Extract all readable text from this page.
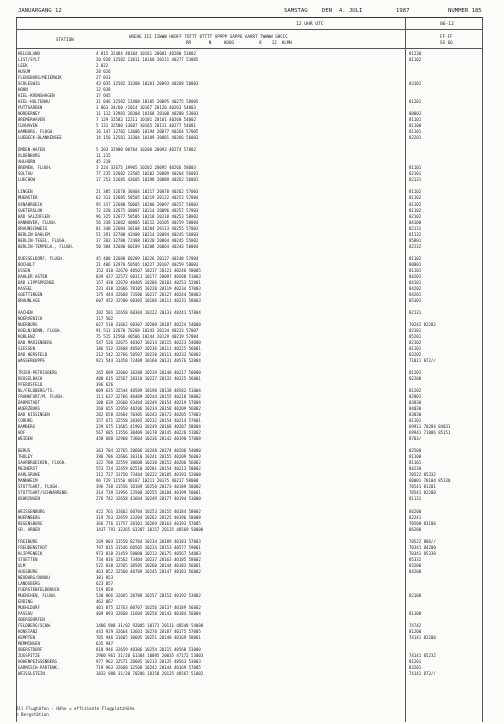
JANUARGANG 12	SAMSTAG	DEN  4. JULI	1987	NUMMER 185
12 UHR UTC	06-12
STATION
WOEHE III IIWWW HOOFF TDTTT DTTTT VPPPP SAPP6 AARRT TWWWW SHCCC
RR       N     HOOO          8    12  HLMH
FF-FF
SS 66
HELGOLAND	4 015 32484 40104 10161 20081 40280 53002	81230
LIST/SYLT	20 020 32582 13011 10160 20111 40277 53005	81102
LEEK	2 022
HUSUM	28 026
FLENSBURG/MEIERWIK	27 033
SCHLESWIG	43 035 32582 33308 10201 20093 40268 58003	83101
HOHN	12 038
KIEL-KRONSHAGEN	17 045
KIEL-HOLTENAU	31 046 32582 13408 10185 20095 40275 58005	81201
PUTTGARDEN	3 063 34/60 /2014 10167 20120 40263 54003
NORDERNEY	11 112 32981 20308 10168 20100 40280 53003	80002
BREMERHAVEN	7 129 32582 12211 10181 20101 40268 54002	81101
CUXHAVEN	5 131 32580 13607 10165 20111 40277 54001	81100
HAMBURG, FLUGH.	16 147 32782 13606 10194 20077 40264 57005	81101
LUEBECK-BLANKENSEE	14 156 32581 33304 10189 20081 40266 56003	82201
EMDEN-HAFEN	5 203 32980 00704 10200 20093 40274 57002
OLDENBURG	11 215
AHLHORN	45 218
BREMEN, FLUGH.	3 224 32675 19905 10202 20095 40266 58003	81101
SOLTAU	77 235 32682 23505 10202 20089 40264 56003	82101
LUECHOW	17 253 32685 43605 10198 20089 40262 56001	82131
LINGEN	21 305 32670 30404 10217 20078 40262 57003	81102
MUENSTER	62 313 32685 50505 10219 20122 40253 57004	81102
OSNABRUECK	95 317 32680 50605 10206 20097 40257 56003	81102
GUETERSLOH	72 320 32675 30007 10214 20096 40257 57003	81102
BAD SALZUFLEN	96 325 32677 50505 10218 20110 40253 58002	82102
HANNOVER, FLUGH.	56 338 32682 40805 10212 20105 40259 58004	84100
BRAUNSCHWEIG	81 348 32684 30108 10204 20113 40255 57003	82131
BERLIN-DAHLEM	51 391 32780 43408 10214 20094 40245 56003	81132
BERLIN-TEGEL, FLUGH.	37 382 32780 72408 10220 20064 40245 55002	85801
BERLIN-TEMPELH., FLUGH.	50 384 32680 60109 10208 20064 40243 58004	82232
DUESSELDORF, FLUGH.	45 400 32680 60209 10226 20127 40248 57004	81102
BOCHOLT	21 406 32970 50505 10227 20107 40259 58003	80001
ESSEN	152 410 32670 40507 10217 20121 40246 58005	81101
KAHLER ASTEN	839 427 32572 60311 10177 20097 40588 51003	84201
BAD LIPPSPRINGE	157 430 32670 40405 10206 20103 40253 52001	84101
KASSEL	231 438 32666 70105 10220 20119 40234 57003	84202
GOETTINGEN	175 444 32668 73506 10217 20127 40244 58003	84201
BRAUNLAGE	607 452 32580 60305 10186 20111 40231 58003	85301
AACHEN	202 501 32658 60304 10222 20133 40241 57004	82131
NOERVENICH	117 502
NUERBURG	627 510 31662 60307 10200 20107 40224 54000	70242 82202
KOELN/BONN, FLUGH.	91 513 32670 70208 10243 20134 40233 57007	83101
KOBLENZ	75 515 32566 40506 10244 20129 40219 57004	85201
BAD MARIENBERG	547 526 32675 40307 10214 20115 40223 54000	82102
GIESSEN	186 532 32668 40507 10236 20111 40225 56001	81101
BAD HERSFELD	212 542 32766 50507 10230 20111 40233 56002	83202
WASSERKUPPE	921 544 31450 72409 10160 20131 40576 52004	71011 872//
TRIER-PETRISBERG	265 609 32660 10208 10239 20140 40217 50000	81201
DEUSELBACH	480 615 32567 20310 10227 20132 40225 56001	82200
PFERDSFELD	396 626
NL/FELDBERG/TS.	809 635 32544 40509 10198 20138 48582 51004	81202
FRANKFURT/M, FLUGH.	111 637 32766 40409 10244 20155 40218 58002	82801
DARMSTADT	108 639 32660 63404 10249 20154 40219 57004	83830
WUERZBURG	268 655 32958 40206 10234 20158 40209 56002	84030
BAD KISSINGEN	282 658 32664 70305 10243 20172 40205 57003	83030
COBURG	357 671 32558 20305 10232 20154 40214 57001	81101
BAMBERG	239 675 11665 41903 10249 20168 40207 58004	69911 70284 84831
HOF	567 685 11556 30409 10178 20145 40226 51002	69941 71086 85151
WEIDEN	438 688 32960 73604 10236 20142 40198 57008	8703/
BERUS	363 704 32765 20606 10248 20174 40206 54000	82500
THOLEY	396 706 32666 10310 10241 20155 40209 56003	81100
SAARBRUECKEN, FLUGH.	322 708 32559 30608 10230 20152 40206 56002	81101
MEINERST	553 724 32459 02510 10201 20154 40213 50002	84230
KARLSRUHE	112 727 31750 73404 10222 20185 40193 52000	70522 85332
MANNHEIM	96 729 11556 40107 10211 20175 40217 50000	60001 70184 85130
STUTTGART, FLUGH.	396 738 31556 10109 10250 20173 40189 58002	70541 81201
STUTTGART/SCHNARRENB.	314 739 31956 23508 10255 20184 40199 50001	70541 82200
OEHRINGEN	276 742 32658 43604 10249 20177 40194 53000	81131
WEISSENBURG	422 761 32662 60704 10253 20155 40184 58002	84200
NUERNBERG	319 763 32659 33204 10262 20125 40196 58008	82241
REGENSBURG	366 776 31757 20101 10269 20163 40193 57005	70500 83100
GR. ARBER	1437 791 32365 63207 10157 20135 40569 50000	86200
FREIBURG	269 803 31550 82704 10234 20189 40183 57003	70522 886//
FREUDENSTADT	797 815 31546 60505 10234 20153 40577 59001	70341 84200
KLIPPENECK	973 818 31459 50000 10213 20175 40567 54003	70341 85330
STOETTEN	734 836 32562 73404 10237 20163 40185 58002	85332
ULM	522 838 32565 30505 10260 20144 40183 56001	83200
AUGSBURG	461 852 32560 40709 10245 20147 40183 56002	84200
NEUBURG/DONAU	381 853
LANDSBERG	623 857
FUERSTENFELDBRUCK	519 858
MUENCHEN, FLUGH.	530 866 32665 20708 10257 20152 40192 53002	82100
ERDING	462 867
MUEHLDORF	401 875 32763 00707 10256 20137 40189 56002
PASSAU	409 893 32668 11604 10258 20143 40184 56004	81100
OBERSDORFEN
FELDBERG/SCHW.	1486 908 31/02 92005 10171 20111 48548 54000	74742
KONSTANZ	443 929 32664 13601 10278 20187 40175 57005	81200
KEMPTEN	705 946 31665 30605 10251 20140 40169 58001	74141 82200
MEMMINGEN	635 947
OBERSTDORF	810 946 32659 40306 10254 20115 40568 53000
ZUGSPITZE	2960 961 31/20 61304 10095 20035 47172 53003	74141 85232
HOHENPEISSENBERG	977 962 32571 20605 10213 20135 48563 53003	81201
GARMISCH-PARTENK.	719 963 32668 32508 10242 20144 40169 57005	83201
WEISSLSTEIN	1832 980 31/20 70206 10150 20125 48567 51002	74141 872//
Bll Flughäfen - Höhe = effiziente Flugplatzhöhe
© Bergstätion
